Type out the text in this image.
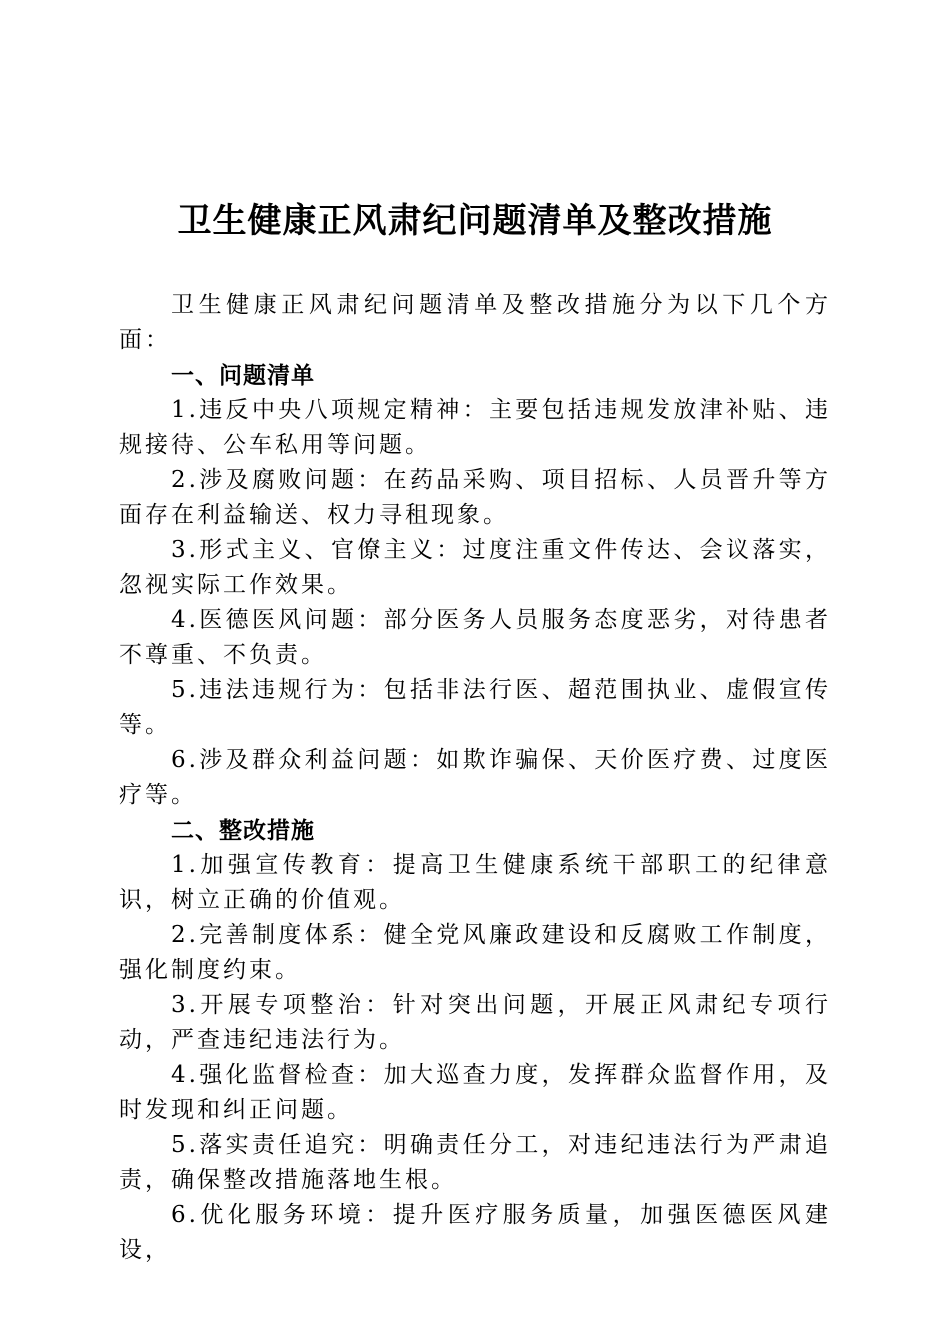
卫生健康正风肃纪问题清单及整改措施

卫生健康正风肃纪问题清单及整改措施分为以下几个方面：

一、问题清单

1.违反中央八项规定精神：主要包括违规发放津补贴、违规接待、公车私用等问题。

2.涉及腐败问题：在药品采购、项目招标、人员晋升等方面存在利益输送、权力寻租现象。

3.形式主义、官僚主义：过度注重文件传达、会议落实，忽视实际工作效果。

4.医德医风问题：部分医务人员服务态度恶劣，对待患者不尊重、不负责。

5.违法违规行为：包括非法行医、超范围执业、虚假宣传等。

6.涉及群众利益问题：如欺诈骗保、天价医疗费、过度医疗等。

二、整改措施

1.加强宣传教育：提高卫生健康系统干部职工的纪律意识，树立正确的价值观。

2.完善制度体系：健全党风廉政建设和反腐败工作制度，强化制度约束。

3.开展专项整治：针对突出问题，开展正风肃纪专项行动，严查违纪违法行为。

4.强化监督检查：加大巡查力度，发挥群众监督作用，及时发现和纠正问题。

5.落实责任追究：明确责任分工，对违纪违法行为严肃追责，确保整改措施落地生根。

6.优化服务环境：提升医疗服务质量，加强医德医风建设，
